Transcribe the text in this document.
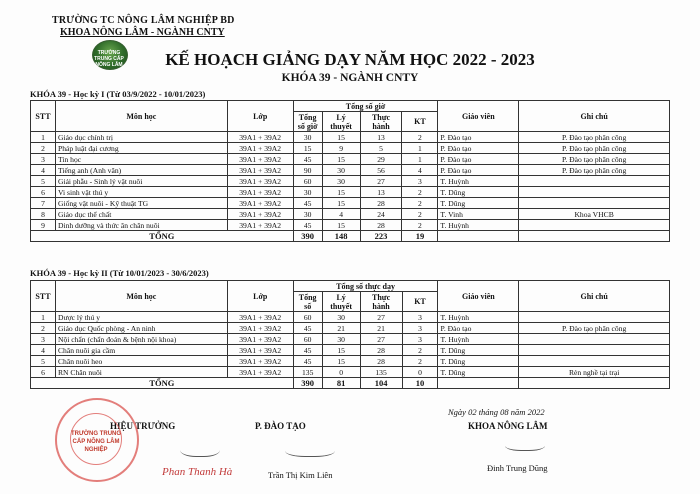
TRƯỜNG TC NÔNG LÂM NGHIỆP BD
KHOA NÔNG LÂM - NGÀNH CNTY
TRƯỜNG TRUNG CẤP NÔNG LÂM	KẾ HOẠCH GIẢNG DẠY NĂM HỌC 2022 - 2023
KHÓA 39 - NGÀNH CNTY
KHÓA 39 - Học kỳ I (Từ 03/9/2022 - 10/01/2023)
STT	Môn học	Lớp	Tổng số giờ				Giáo viên	Ghi chú
			Tổng số giờ	Lý thuyết	Thực hành	KT		
1	Giáo dục chính trị	39A1 + 39A2	30	15	13	2	P. Đào tạo	P. Đào tạo phân công
2	Pháp luật đại cương	39A1 + 39A2	15	9	5	1	P. Đào tạo	P. Đào tạo phân công
3	Tin học	39A1 + 39A2	45	15	29	1	P. Đào tạo	P. Đào tạo phân công
4	Tiếng anh (Anh văn)	39A1 + 39A2	90	30	56	4	P. Đào tạo	P. Đào tạo phân công
5	Giải phẫu - Sinh lý vật nuôi	39A1 + 39A2	60	30	27	3	T. Huỳnh	
6	Vi sinh vật thú y	39A1 + 39A2	30	15	13	2	T. Dũng	
7	Giống vật nuôi - Kỹ thuật TG	39A1 + 39A2	45	15	28	2	T. Dũng	
8	Giáo dục thể chất	39A1 + 39A2	30	4	24	2	T. Vinh	Khoa VHCB
9	Dinh dưỡng và thức ăn chăn nuôi	39A1 + 39A2	45	15	28	2	T. Huỳnh	
TỔNG			390	148	223	19		
KHÓA 39 - Học kỳ II (Từ 10/01/2023 - 30/6/2023)
STT	Môn học	Lớp	Tổng số thực dạy				Giáo viên	Ghi chú
			Tổng số	Lý thuyết	Thực hành	KT		
1	Dược lý thú y	39A1 + 39A2	60	30	27	3	T. Huỳnh	
2	Giáo dục Quốc phòng - An ninh	39A1 + 39A2	45	21	21	3	P. Đào tạo	P. Đào tạo phân công
3	Nội chẩn (chẩn đoán & bệnh nội khoa)	39A1 + 39A2	60	30	27	3	T. Huỳnh	
4	Chăn nuôi gia cầm	39A1 + 39A2	45	15	28	2	T. Dũng	
5	Chăn nuôi heo	39A1 + 39A2	45	15	28	2	T. Dũng	
6	RN Chăn nuôi	39A1 + 39A2	135	0	135	0	T. Dũng	Rèn nghề tại trại
TỔNG			390	81	104	10		
Ngày 02 tháng 08 năm 2022
HIỆU TRƯỞNG	P. ĐÀO TẠO	KHOA NÔNG LÂM
TRƯỜNG TRUNG CẤP NÔNG LÂM NGHIỆP
Phan Thanh Hà	Trần Thị Kim Liên
Đinh Trung Dũng
